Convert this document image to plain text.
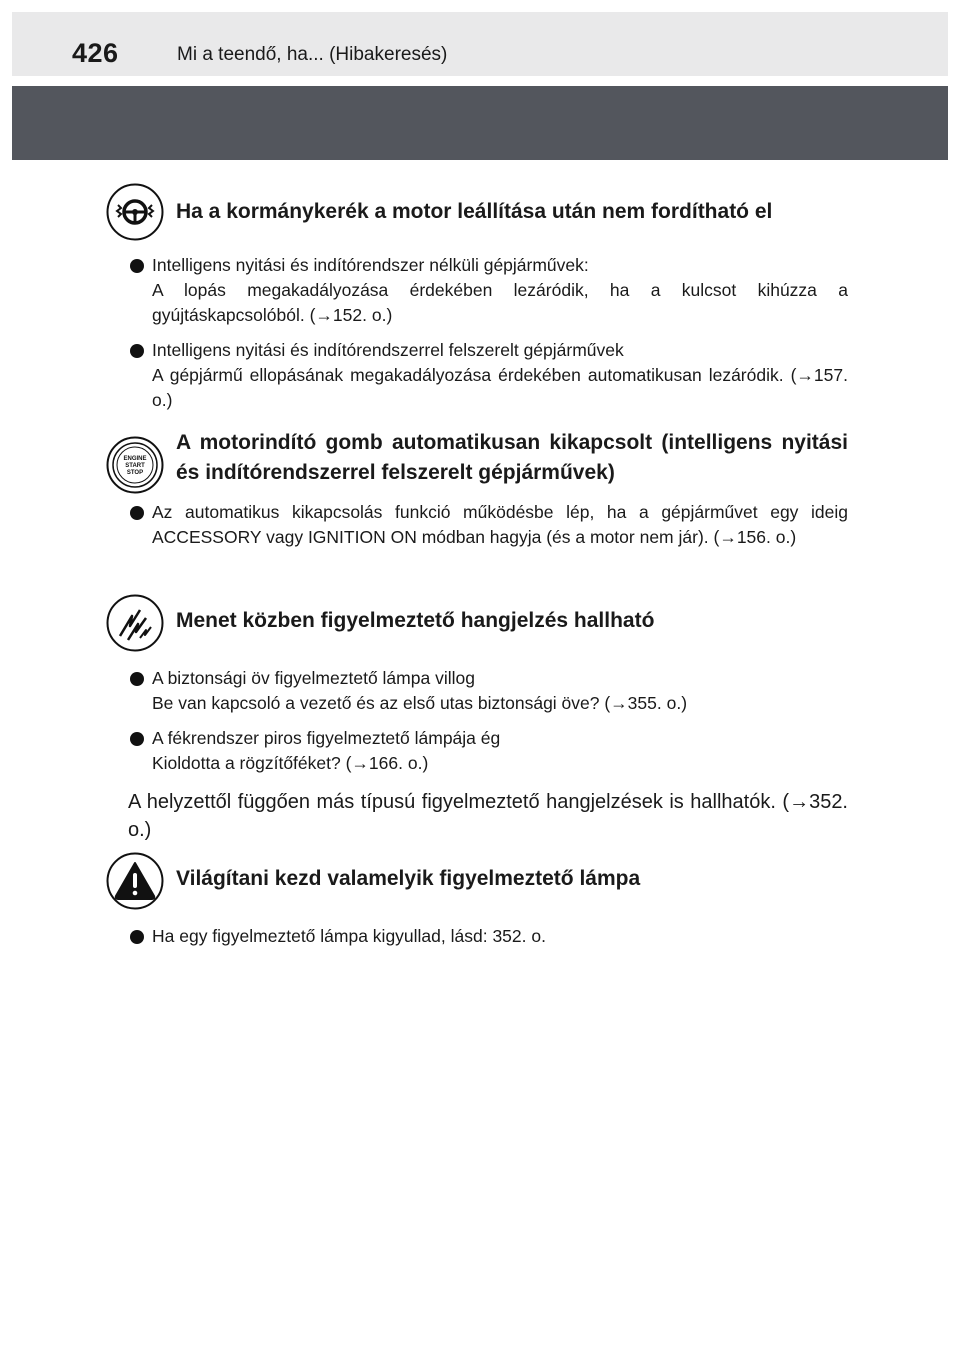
426	Mi a teendő, ha... (Hibakeresés)
Ha a kormánykerék a motor leállítása után nem fordítható el
Intelligens nyitási és indítórendszer nélküli gépjárművek:
A lopás megakadályozása érdekében lezáródik, ha a kulcsot kihúzza a gyújtáskapcsolóból. (→152. o.)
Intelligens nyitási és indítórendszerrel felszerelt gépjárművek
A gépjármű ellopásának megakadályozása érdekében automatikusan lezáródik. (→157. o.)
ENGINE
START
STOP
A motorindító gomb automatikusan kikapcsolt (intelligens nyitási és indítórendszerrel felszerelt gépjárművek)
Az automatikus kikapcsolás funkció működésbe lép, ha a gépjárművet egy ideig ACCESSORY vagy IGNITION ON módban hagyja (és a motor nem jár). (→156. o.)
Menet közben figyelmeztető hangjelzés hallható
A biztonsági öv figyelmeztető lámpa villog
Be van kapcsoló a vezető és az első utas biztonsági öve? (→355. o.)
A fékrendszer piros figyelmeztető lámpája ég
Kioldotta a rögzítőféket? (→166. o.)
A helyzettől függően más típusú figyelmeztető hangjelzések is hallhatók. (→352. o.)
Világítani kezd valamelyik figyelmeztető lámpa
Ha egy figyelmeztető lámpa kigyullad, lásd: 352. o.
